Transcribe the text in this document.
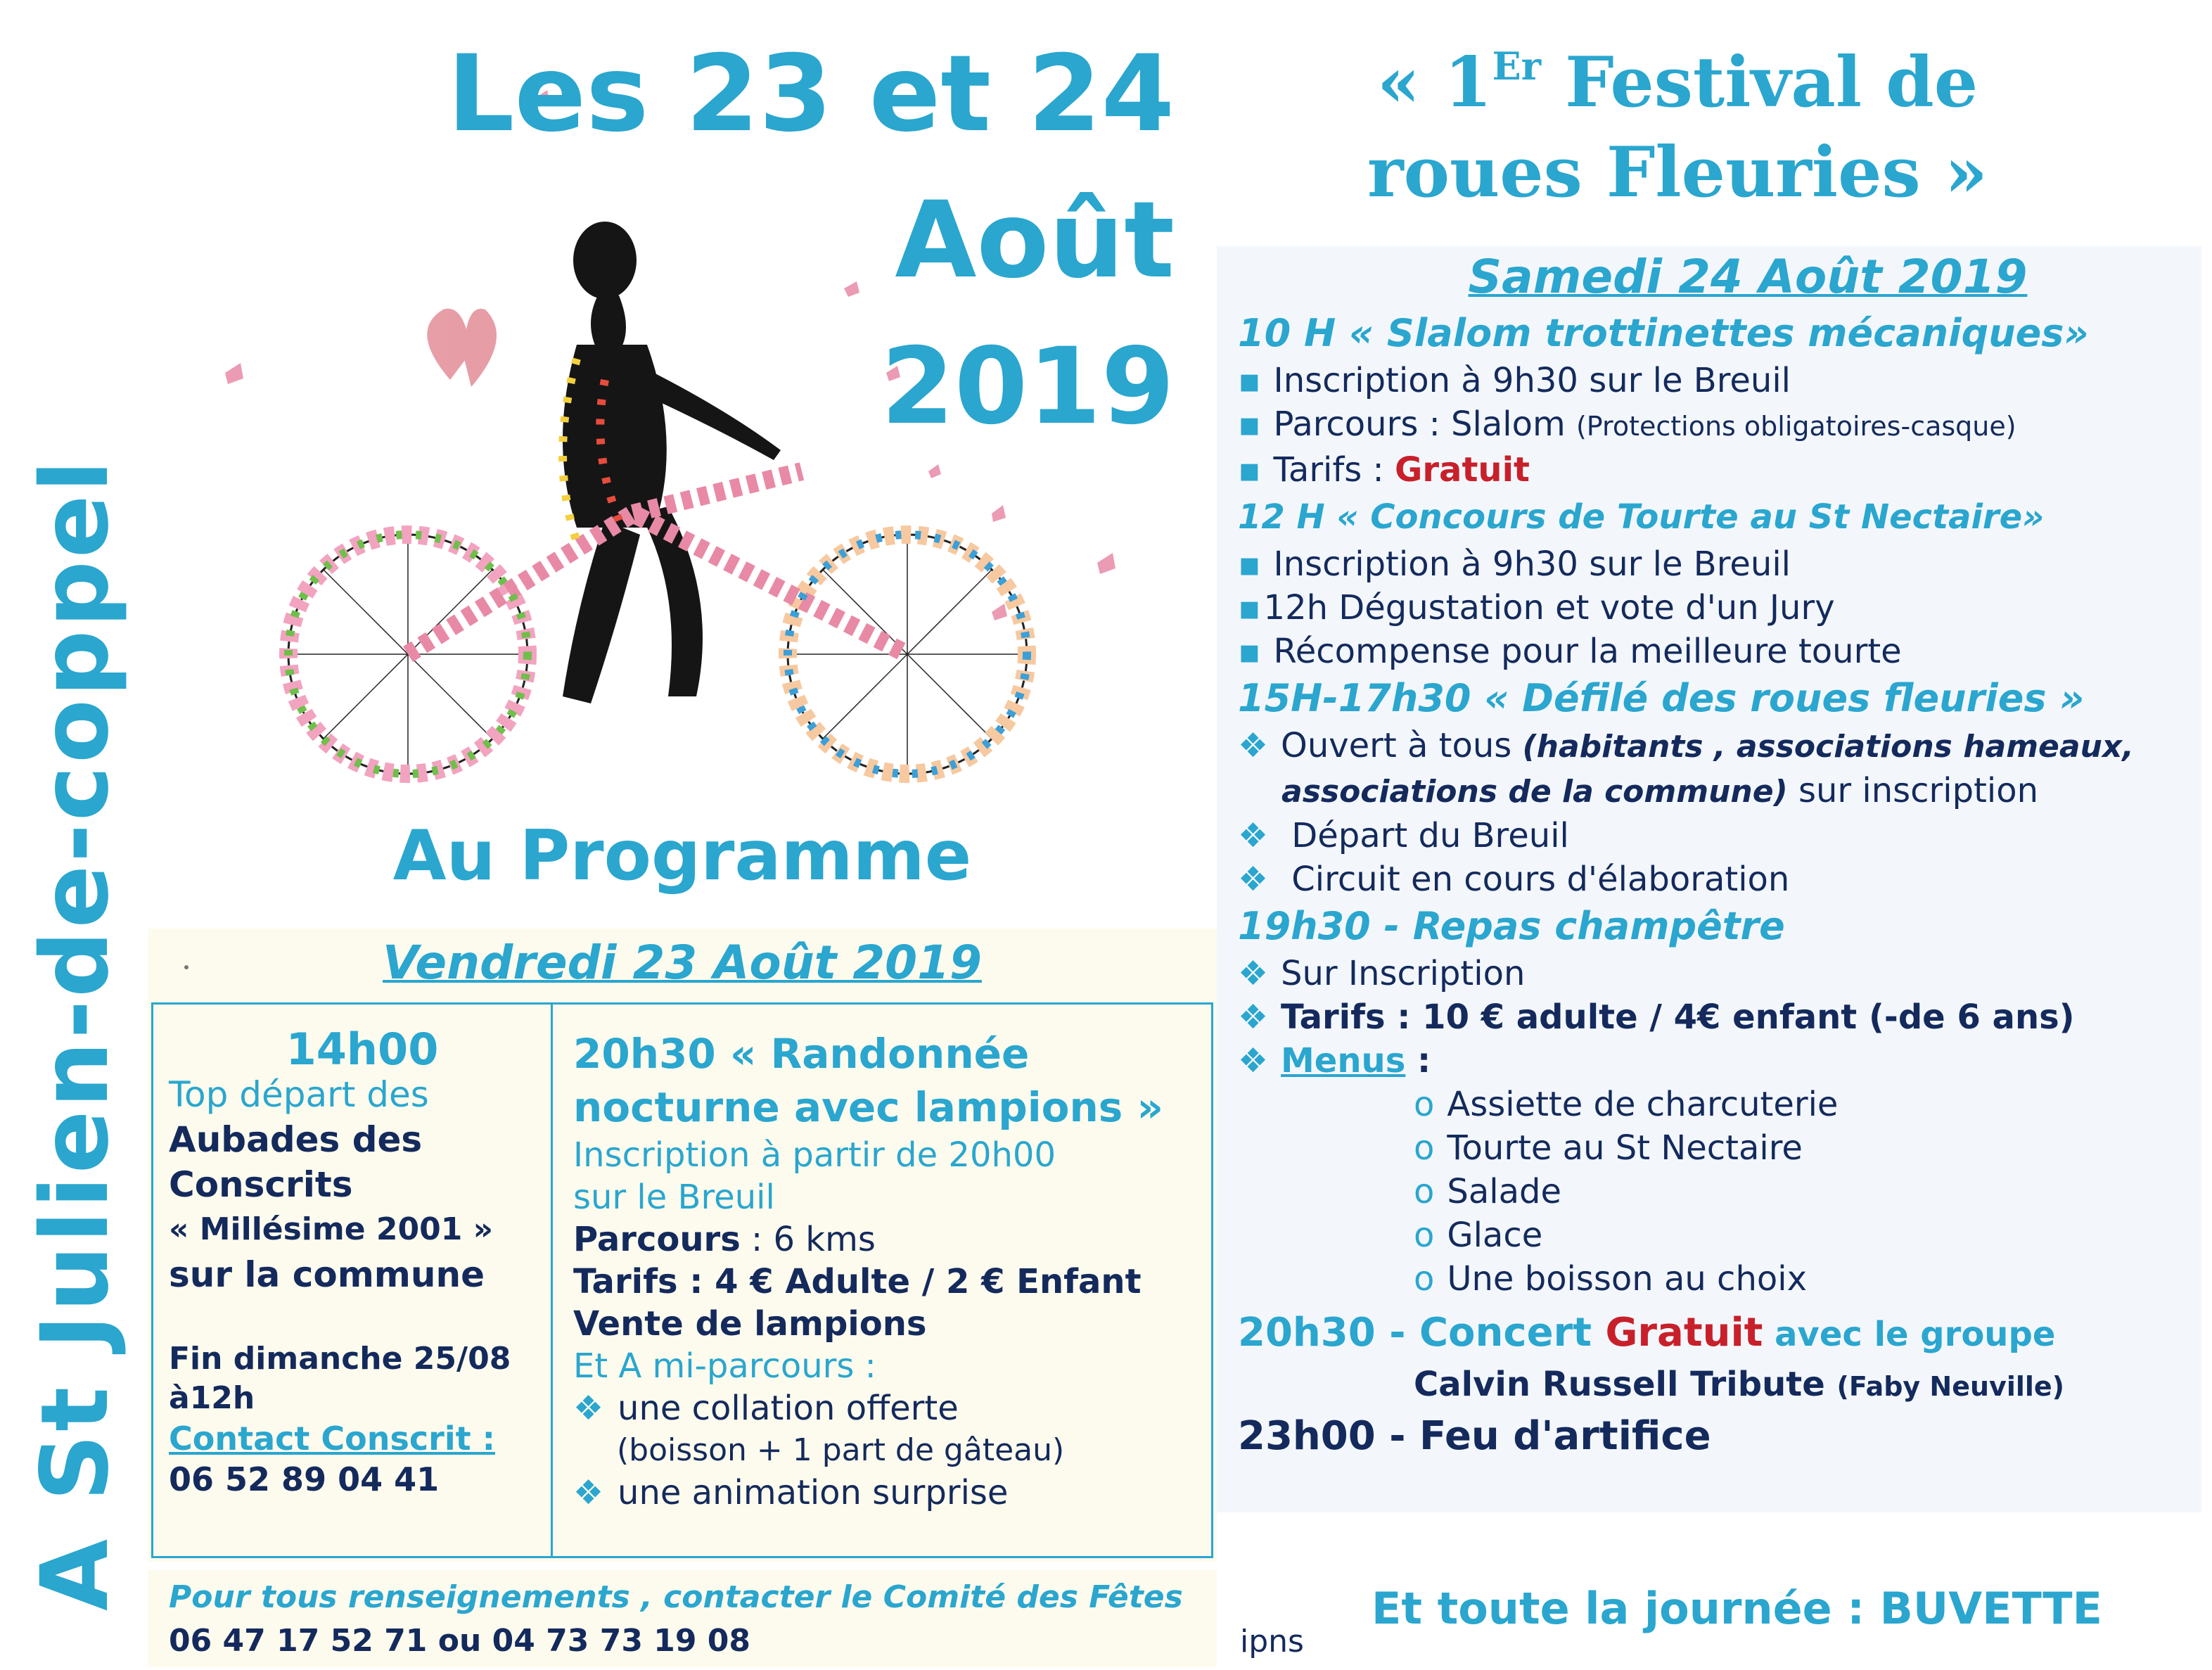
A St Julien-de-coppel
Les 23 et 24
Août
2019
« 1Er Festival de
roues Fleuries »
Au Programme
Vendredi 23 Août 2019
14h00
Top départ des
Aubades des
Conscrits
« Millésime 2001 »
sur la commune
Fin dimanche 25/08
à12h
Contact Conscrit :
06 52 89 04 41
20h30 « Randonnée
nocturne avec lampions »
Inscription à partir de 20h00
sur le Breuil
Parcours : 6 kms
Tarifs : 4 € Adulte / 2 € Enfant
Vente de lampions
Et A mi-parcours :
❖ une collation offerte
(boisson + 1 part de gâteau)
❖ une animation surprise
Pour tous renseignements , contacter le Comité des Fêtes
06 47 17 52 71 ou 04 73 73 19 08
Samedi 24 Août 2019
10 H « Slalom trottinettes mécaniques»
▪ Inscription à 9h30 sur le Breuil
▪ Parcours : Slalom (Protections obligatoires-casque)
▪ Tarifs : Gratuit
12 H « Concours de Tourte au St Nectaire»
▪ Inscription à 9h30 sur le Breuil
▪12h Dégustation et vote d'un Jury
▪ Récompense pour la meilleure tourte
15H-17h30 « Défilé des roues fleuries »
❖ Ouvert à tous (habitants , associations hameaux,
associations de la commune) sur inscription
❖ Départ du Breuil
❖ Circuit en cours d'élaboration
19h30 - Repas champêtre
❖ Sur Inscription
❖ Tarifs : 10 € adulte / 4€ enfant (-de 6 ans)
❖ Menus :
o Assiette de charcuterie
o Tourte au St Nectaire
o Salade
o Glace
o Une boisson au choix
20h30 - Concert Gratuit avec le groupe
Calvin Russell Tribute (Faby Neuville)
23h00 - Feu d'artifice
ipns
Et toute la journée : BUVETTE
